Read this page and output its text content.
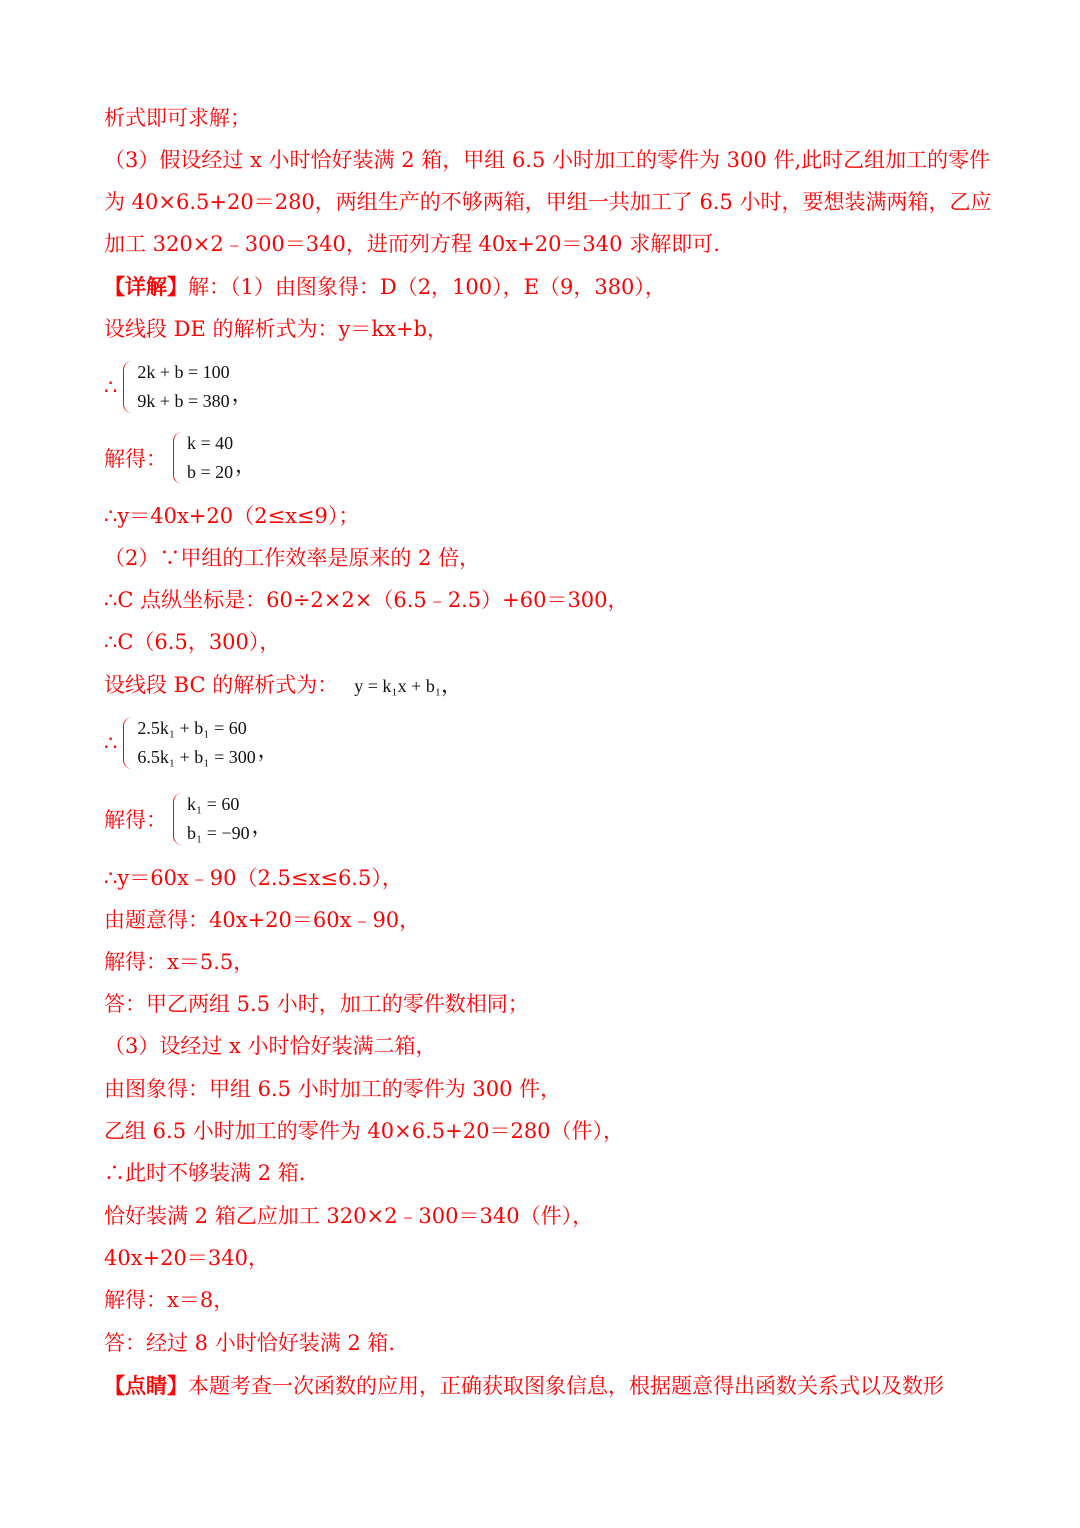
析式即可求解；
（3）假设经过 x 小时恰好装满 2 箱，甲组 6.5 小时加工的零件为 300 件,此时乙组加工的零件
为 40×6.5+20＝280，两组生产的不够两箱，甲组一共加工了 6.5 小时，要想装满两箱，乙应
加工 320×2﹣300＝340，进而列方程 40x+20＝340 求解即可.
【详解】解：（1）由图象得：D（2，100），E（9，380），
设线段 DE 的解析式为：y＝kx+b，
∴
2k + b = 100
9k + b = 380 ，
解得：
k = 40
b = 20 ，
∴y＝40x+20（2≤x≤9）；
（2）∵甲组的工作效率是原来的 2 倍，
∴C 点纵坐标是：60÷2×2×（6.5﹣2.5）+60＝300，
∴C（6.5，300），
设线段 BC 的解析式为： y = k₁x + b₁，
∴
2.5k₁ + b₁ = 60
6.5k₁ + b₁ = 300 ，
解得：
k₁ = 60
b₁ = −90 ，
∴y＝60x﹣90（2.5≤x≤6.5），
由题意得：40x+20＝60x﹣90，
解得：x＝5.5，
答：甲乙两组 5.5 小时，加工的零件数相同；
（3）设经过 x 小时恰好装满二箱，
由图象得：甲组 6.5 小时加工的零件为 300 件，
乙组 6.5 小时加工的零件为 40×6.5+20＝280（件），
∴此时不够装满 2 箱.
恰好装满 2 箱乙应加工 320×2﹣300＝340（件），
40x+20＝340，
解得：x＝8，
答：经过 8 小时恰好装满 2 箱.
【点睛】本题考查一次函数的应用，正确获取图象信息，根据题意得出函数关系式以及数形
